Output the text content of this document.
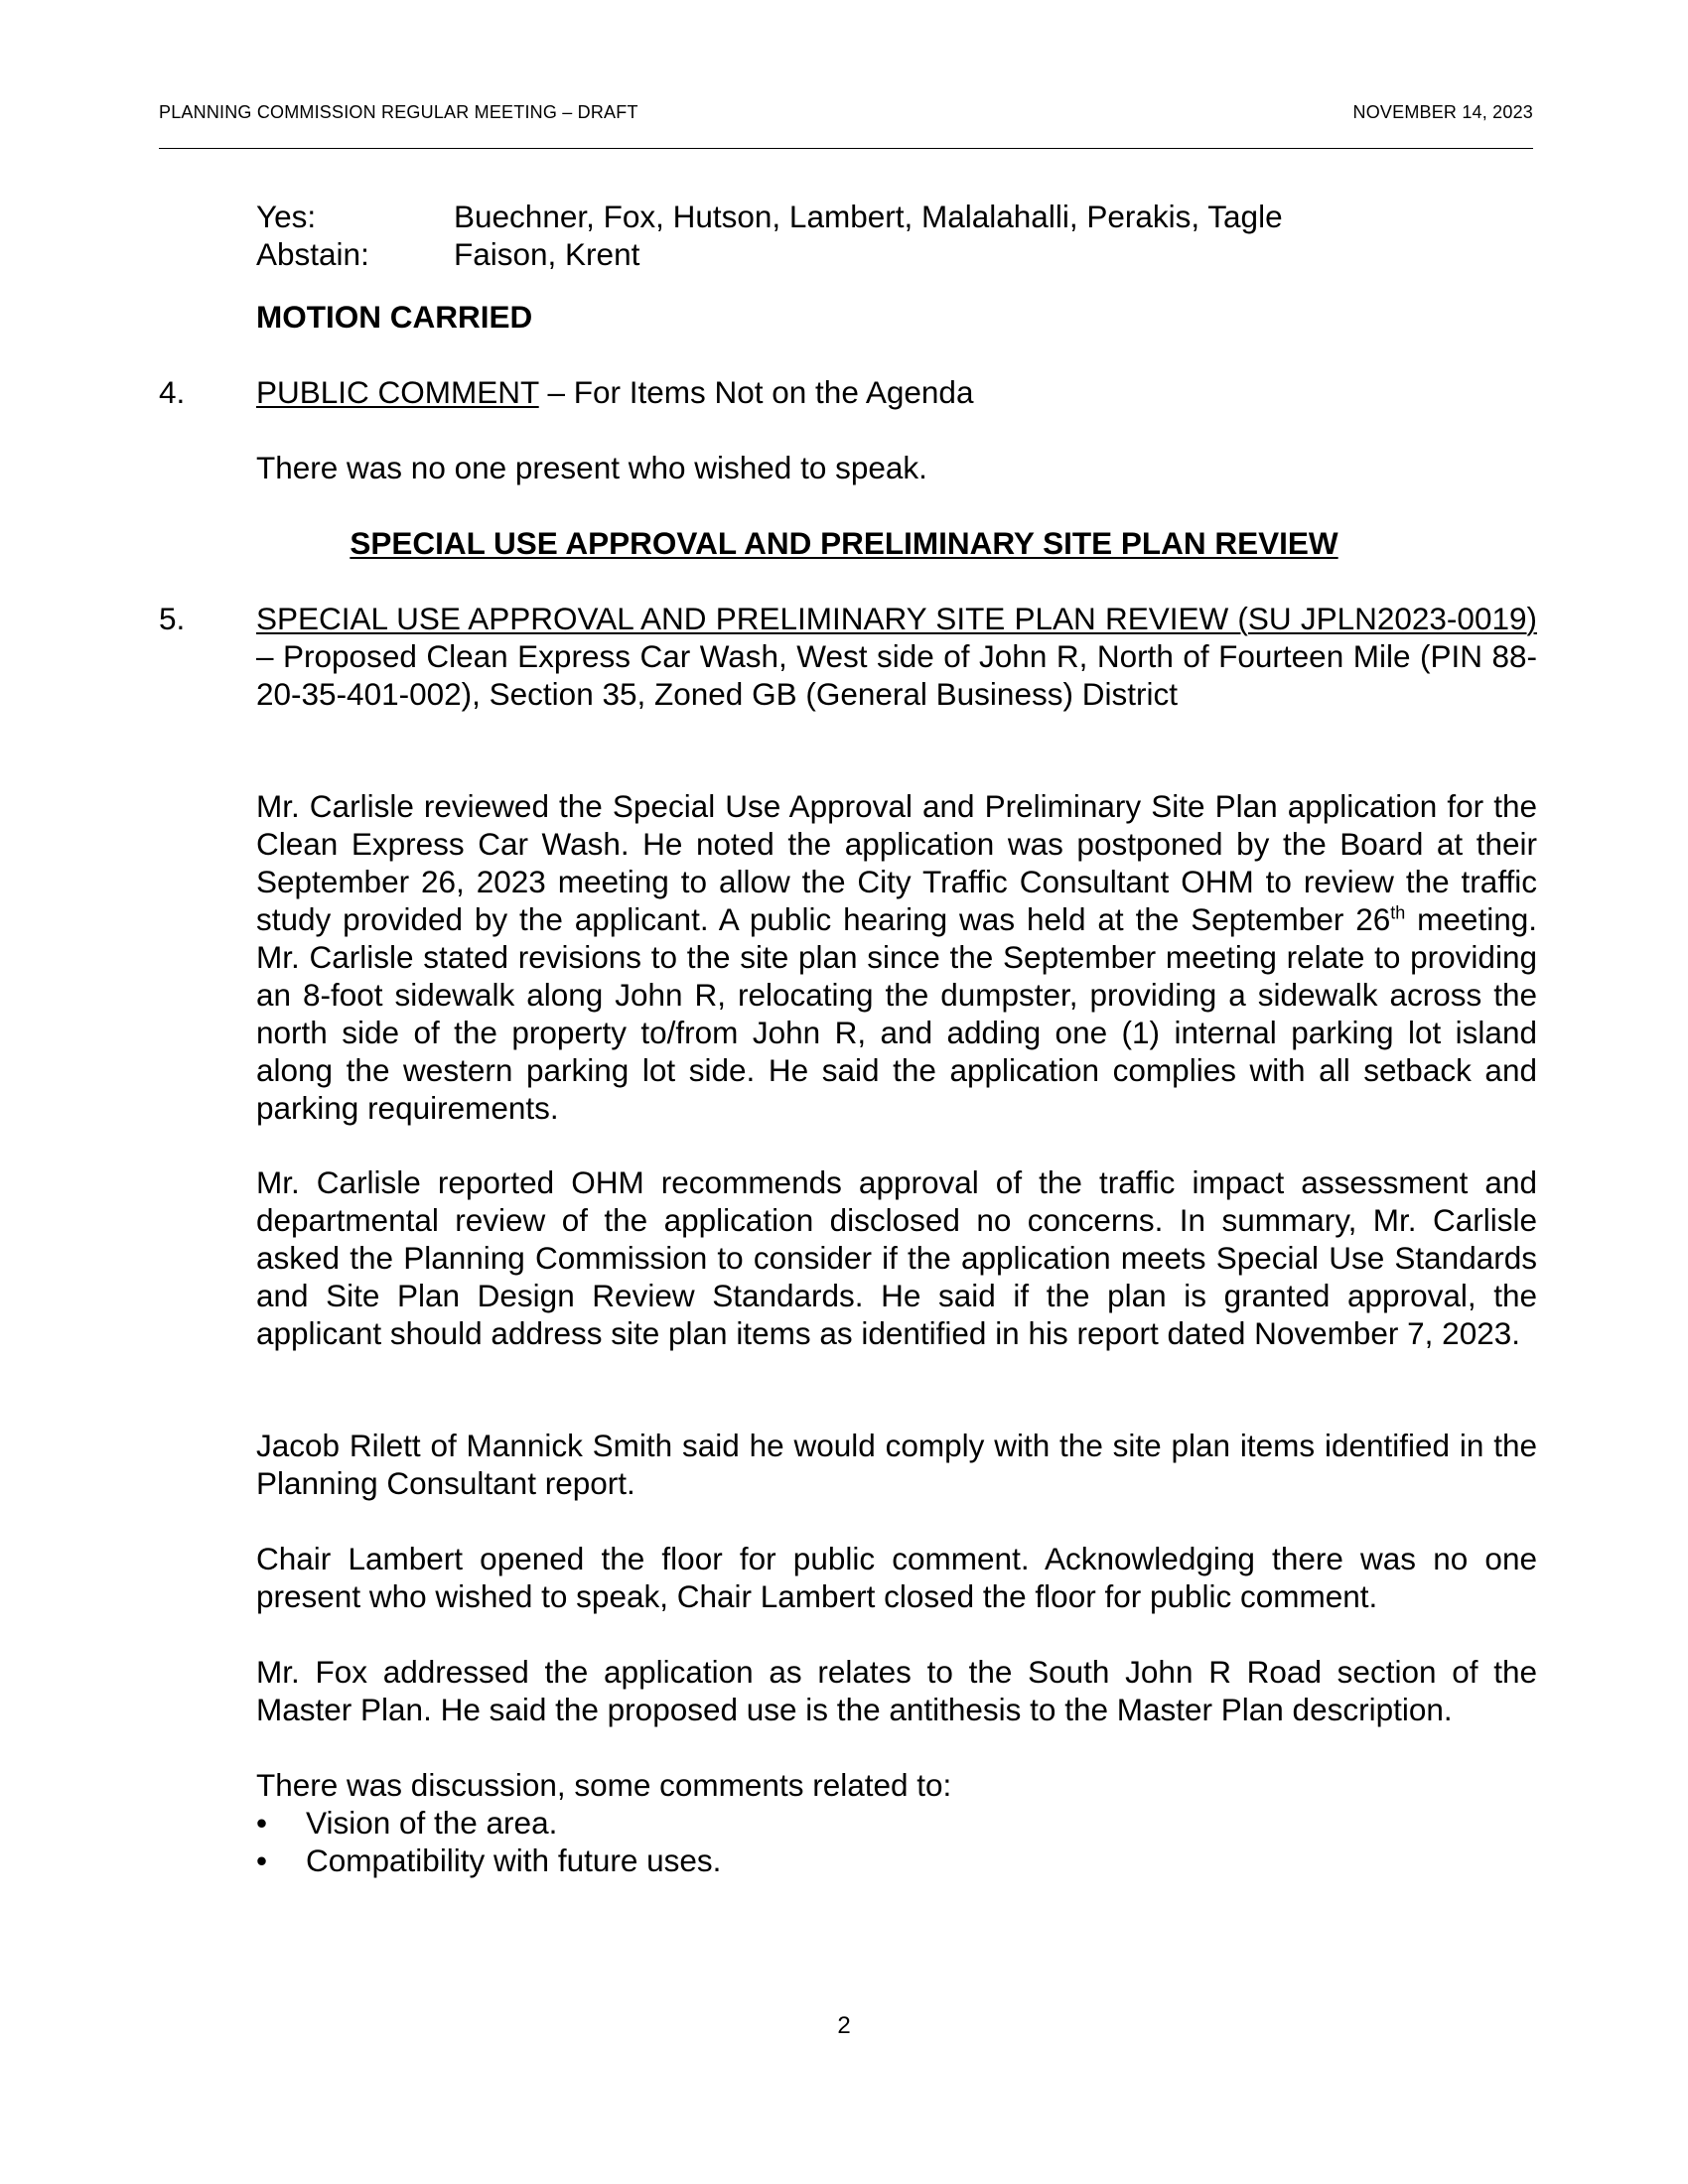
PLANNING COMMISSION REGULAR MEETING – DRAFT	NOVEMBER 14, 2023
Yes:	Buechner, Fox, Hutson, Lambert, Malalahalli, Perakis, Tagle
Abstain:	Faison, Krent
MOTION CARRIED
4. PUBLIC COMMENT – For Items Not on the Agenda
There was no one present who wished to speak.
SPECIAL USE APPROVAL AND PRELIMINARY SITE PLAN REVIEW
5. SPECIAL USE APPROVAL AND PRELIMINARY SITE PLAN REVIEW (SU JPLN2023-0019) – Proposed Clean Express Car Wash, West side of John R, North of Fourteen Mile (PIN 88-20-35-401-002), Section 35, Zoned GB (General Business) District
Mr. Carlisle reviewed the Special Use Approval and Preliminary Site Plan application for the Clean Express Car Wash. He noted the application was postponed by the Board at their September 26, 2023 meeting to allow the City Traffic Consultant OHM to review the traffic study provided by the applicant. A public hearing was held at the September 26th meeting. Mr. Carlisle stated revisions to the site plan since the September meeting relate to providing an 8-foot sidewalk along John R, relocating the dumpster, providing a sidewalk across the north side of the property to/from John R, and adding one (1) internal parking lot island along the western parking lot side. He said the application complies with all setback and parking requirements.
Mr. Carlisle reported OHM recommends approval of the traffic impact assessment and departmental review of the application disclosed no concerns. In summary, Mr. Carlisle asked the Planning Commission to consider if the application meets Special Use Standards and Site Plan Design Review Standards. He said if the plan is granted approval, the applicant should address site plan items as identified in his report dated November 7, 2023.
Jacob Rilett of Mannick Smith said he would comply with the site plan items identified in the Planning Consultant report.
Chair Lambert opened the floor for public comment. Acknowledging there was no one present who wished to speak, Chair Lambert closed the floor for public comment.
Mr. Fox addressed the application as relates to the South John R Road section of the Master Plan. He said the proposed use is the antithesis to the Master Plan description.
There was discussion, some comments related to:
• Vision of the area.
• Compatibility with future uses.
2
